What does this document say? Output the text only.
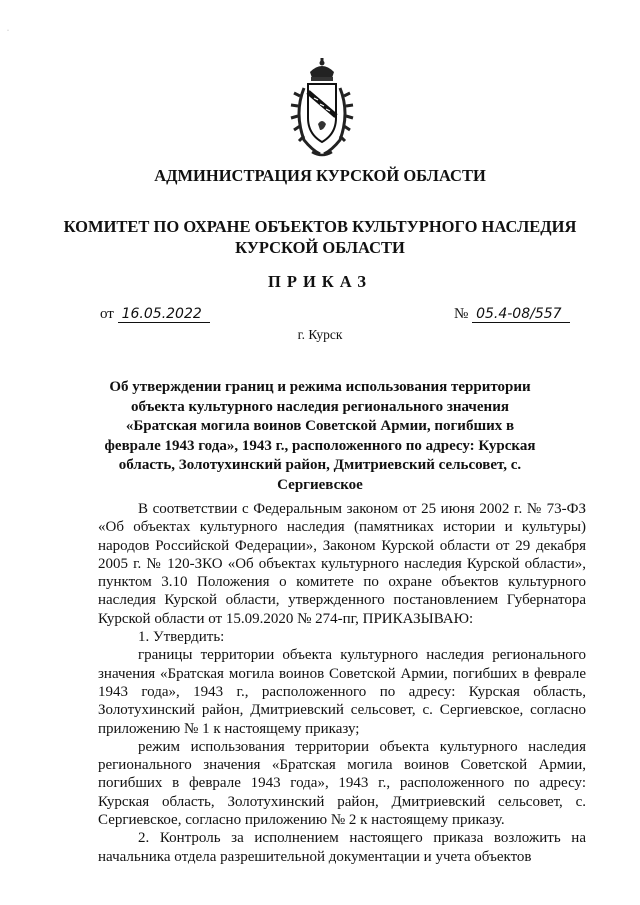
·
АДМИНИСТРАЦИЯ КУРСКОЙ ОБЛАСТИ
КОМИТЕТ ПО ОХРАНЕ ОБЪЕКТОВ КУЛЬТУРНОГО НАСЛЕДИЯ
КУРСКОЙ ОБЛАСТИ
ПРИКАЗ
от 16.05.2022	№ 05.4-08/557
г. Курск
Об утверждении границ и режима использования территории объекта культурного наследия регионального значения «Братская могила воинов Советской Армии, погибших в феврале 1943 года», 1943 г., расположенного по адресу: Курская область, Золотухинский район, Дмитриевский сельсовет, с. Сергиевское

В соответствии с Федеральным законом от 25 июня 2002 г. № 73-ФЗ «Об объектах культурного наследия (памятниках истории и культуры) народов Российской Федерации», Законом Курской области от 29 декабря 2005 г. № 120-ЗКО «Об объектах культурного наследия Курской области», пунктом 3.10 Положения о комитете по охране объектов культурного наследия Курской области, утвержденного постановлением Губернатора Курской области от 15.09.2020 № 274-пг, ПРИКАЗЫВАЮ:

1. Утвердить:

границы территории объекта культурного наследия регионального значения «Братская могила воинов Советской Армии, погибших в феврале 1943 года», 1943 г., расположенного по адресу: Курская область, Золотухинский район, Дмитриевский сельсовет, с. Сергиевское, согласно приложению № 1 к настоящему приказу;

режим использования территории объекта культурного наследия регионального значения «Братская могила воинов Советской Армии, погибших в феврале 1943 года», 1943 г., расположенного по адресу: Курская область, Золотухинский район, Дмитриевский сельсовет, с. Сергиевское, согласно приложению № 2 к настоящему приказу.

2. Контроль за исполнением настоящего приказа возложить на начальника отдела разрешительной документации и учета объектов
